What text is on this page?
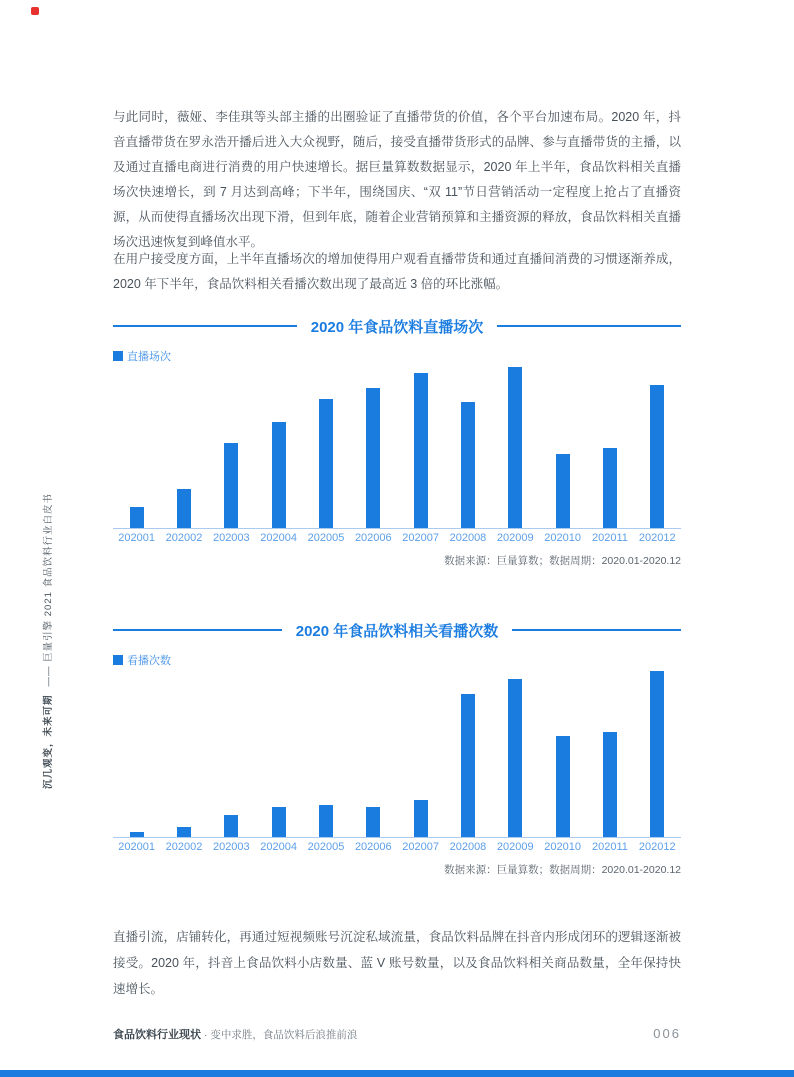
沉几观变，未来可期—— 巨量引擎 2021 食品饮料行业白皮书

与此同时，薇娅、李佳琪等头部主播的出圈验证了直播带货的价值，各个平台加速布局。2020 年，抖音直播带货在罗永浩开播后进入大众视野，随后，接受直播带货形式的品牌、参与直播带货的主播，以及通过直播电商进行消费的用户快速增长。据巨量算数数据显示，2020 年上半年，食品饮料相关直播场次快速增长，到 7 月达到高峰；下半年，围绕国庆、“双 11”节日营销活动一定程度上抢占了直播资源，从而使得直播场次出现下滑，但到年底，随着企业营销预算和主播资源的释放，食品饮料相关直播场次迅速恢复到峰值水平。

在用户接受度方面，上半年直播场次的增加使得用户观看直播带货和通过直播间消费的习惯逐渐养成，2020 年下半年，食品饮料相关看播次数出现了最高近 3 倍的环比涨幅。

2020 年食品饮料直播场次
直播场次
202001 202002 202003 202004 202005 202006 202007 202008 202009 202010	202011	202012
数据来源：巨量算数；数据周期：2020.01-2020.12
2020 年食品饮料相关看播次数
看播次数
202001 202002 202003 202004 202005 202006 202007 202008 202009 202010	202011	202012
数据来源：巨量算数；数据周期：2020.01-2020.12

直播引流，店铺转化，再通过短视频账号沉淀私域流量，食品饮料品牌在抖音内形成闭环的逻辑逐渐被接受。2020 年，抖音上食品饮料小店数量、蓝 V 账号数量，以及食品饮料相关商品数量，全年保持快速增长。

食品饮料行业现状 · 变中求胜，食品饮料后浪推前浪	006
